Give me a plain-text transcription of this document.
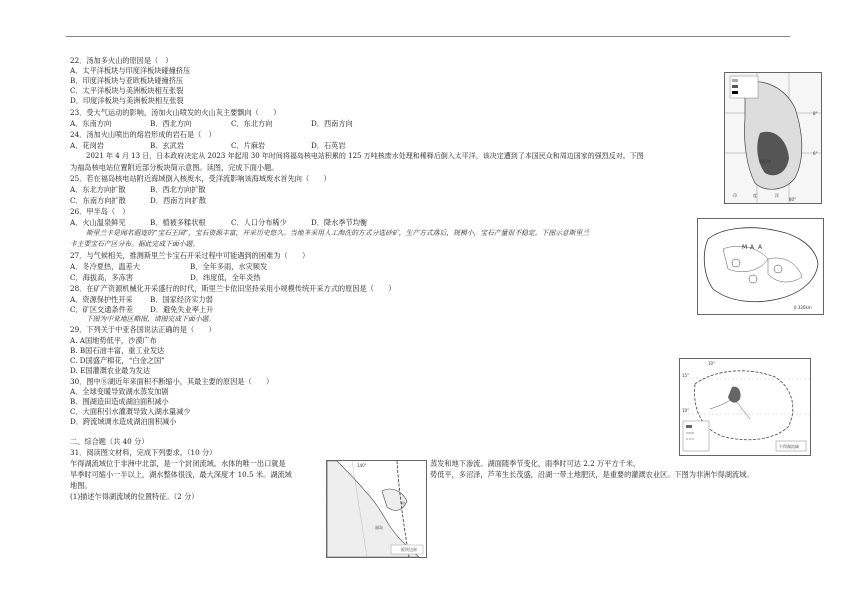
22．汤加多火山的原因是（　）
A．太平洋板块与印度洋板块碰撞挤压
B．印度洋板块与亚欧板块碰撞挤压
C．太平洋板块与美洲板块相互张裂
D．印度洋板块与美洲板块相互张裂
23．受大气运动的影响，汤加火山喷发的火山灰主要飘向（　　）
A．东南方向	B．西北方向	C．东北方向	D．西南方向
24．汤加火山喷出的熔岩形成的岩石是（　）
A．花岗岩	B．玄武岩	C．片麻岩	D．石英岩
2021 年 4 月 13 日，日本政府决定从 2023 年起用 30 年时间将福岛核电站积累的 125 万吨核废水处理和稀释后倒入太平洋，该决定遭到了本国民众和周边国家的强烈反对。下图
为福岛核电站位置附近部分板块简示意图。读图，完成下面小题。
25．若在福岛核电站附近海域倒入核废水，受洋流影响该海域废水首先向（　　）
A．东北方向扩散	B．西北方向扩散
C．东南方向扩散	D．西南方向扩散
26．甲半岛（　）
A．火山温泉鲜见	B．植被多糅状根	C．人口分布稀少	D．降水季节均衡
斯里兰卡是闻名遐迩的“宝石王国”，宝石资源丰富，开采历史悠久。当地多采用人工淘洗的方式分选砂矿，生产方式落后，规模小，宝石产量很不稳定。下图示意斯里兰
卡主要宝石产区分布。据此完成下面小题。
27．与气候相关，推测斯里兰卡宝石开采过程中可能遇到的困难为（　　）
A．冬冷夏热，温差大	B．全年多雨，水灾频发
C．海拔高，多冻害	D．纬度低，全年炎热
28．在矿产资源机械化开采盛行的时代，斯里兰卡依旧坚持采用小规模传统开采方式的原因是（　　）
A．资源保护性开采 B．国家经济实力弱
C．矿区交通条件差 D．避免失业率上升
下图为中亚地区略图，请图完成下面小题。
29．下列关于中亚各国说法正确的是（　　）
A. A国地势低平，沙漠广布
B. B国石油丰富，重工业发达
C. D国盛产棉花，“白金之国”
D. E国灌溉农业最为发达
30．图中⑧湖近年来面积不断缩小，其最主要的原因是（　　）
A．全球变暖导致湖水蒸发加剧
B．围湖造田造成湖泊面积减小
C．大面积引水灌溉导致入湖水量减少
D．跨流域调水造成湖泊面积减小
二、综合题（共 40 分）
31．阅读图文材料，完成下列要求。（10 分）
乍得湖流域位于非洲中北部，是一个封闭流域。水体的唯一出口就是	蒸发和地下渗流。湖面随季节变化，雨季时可达 2.2 万平方千米，
旱季时可缩小一半以上，湖水整体很浅，最大深度才 10.5 米。湖流域	势低平，多沼泽，芦苇生长茂盛，沿湖一带土地肥沃，是重要的灌溉农业区。下图为非洲乍得湖流域。
地图。
(1)描述乍得湖流域的位置特征。（2 分）
科伦坡
印	度	洋
80°
8°
6°
M A A
0 320km
乍得湖流域
10°
15°
10°
140°
甲
福岛
板块边界
